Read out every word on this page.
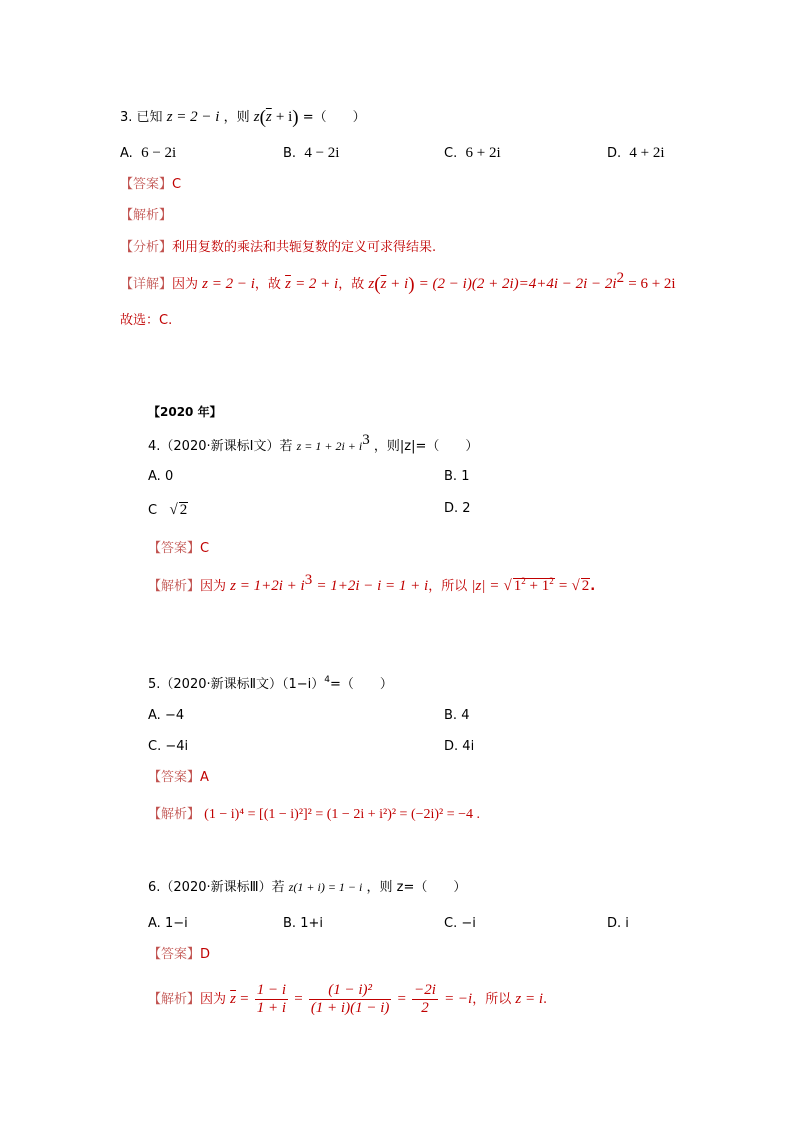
3. 已知 z = 2 − i ，则 $z(\overline{z} + i)$ =（　　）
A. 6 − 2i	B. 4 − 2i	C. 6 + 2i	D. 4 + 2i
【答案】C
【解析】
【分析】利用复数的乘法和共轭复数的定义可求得结果.
【详解】因为 z = 2 − i，故 $\overline{z} = 2 + i$，故 $z(\overline{z} + i) = (2 - i)(2 + 2i)=4+4i - 2i - 2i^2 = 6 + 2i$
故选：C.
【2020 年】
4.（2020·新课标Ⅰ文）若 $z = 1 + 2i + i^3$ ，则|z|=（　　）
A. 0	B. 1
C √ 2	D. 2
【答案】C
【解析】因为 $z = 1+2i + i^3 = 1+2i - i = 1 + i$，所以 |z| = √ $1^2 + 1^2$ = √ 2.
5.（2020·新课标Ⅱ文）$(1-i)^4=$（　　）
A. −4	B. 4
C. −4i	D. 4i
【答案】A
【解析】 (1 − i)⁴ = [(1 − i)²]² = (1 − 2i + i²)² = (−2i)² = −4 .
6.（2020·新课标Ⅲ）若 z(1 + i) = 1 − i ，则 z=（　　）
A. 1−i	B. 1+i	C. −i	D. i
【答案】D
【解析】因为 $\overline{z} = \frac{1 - i}{1 + i} = \frac{\text{(1 − i)²}}{(1 + i)(1 - i)} = \frac{-2i}{2} = -i$，所以 z = i.
